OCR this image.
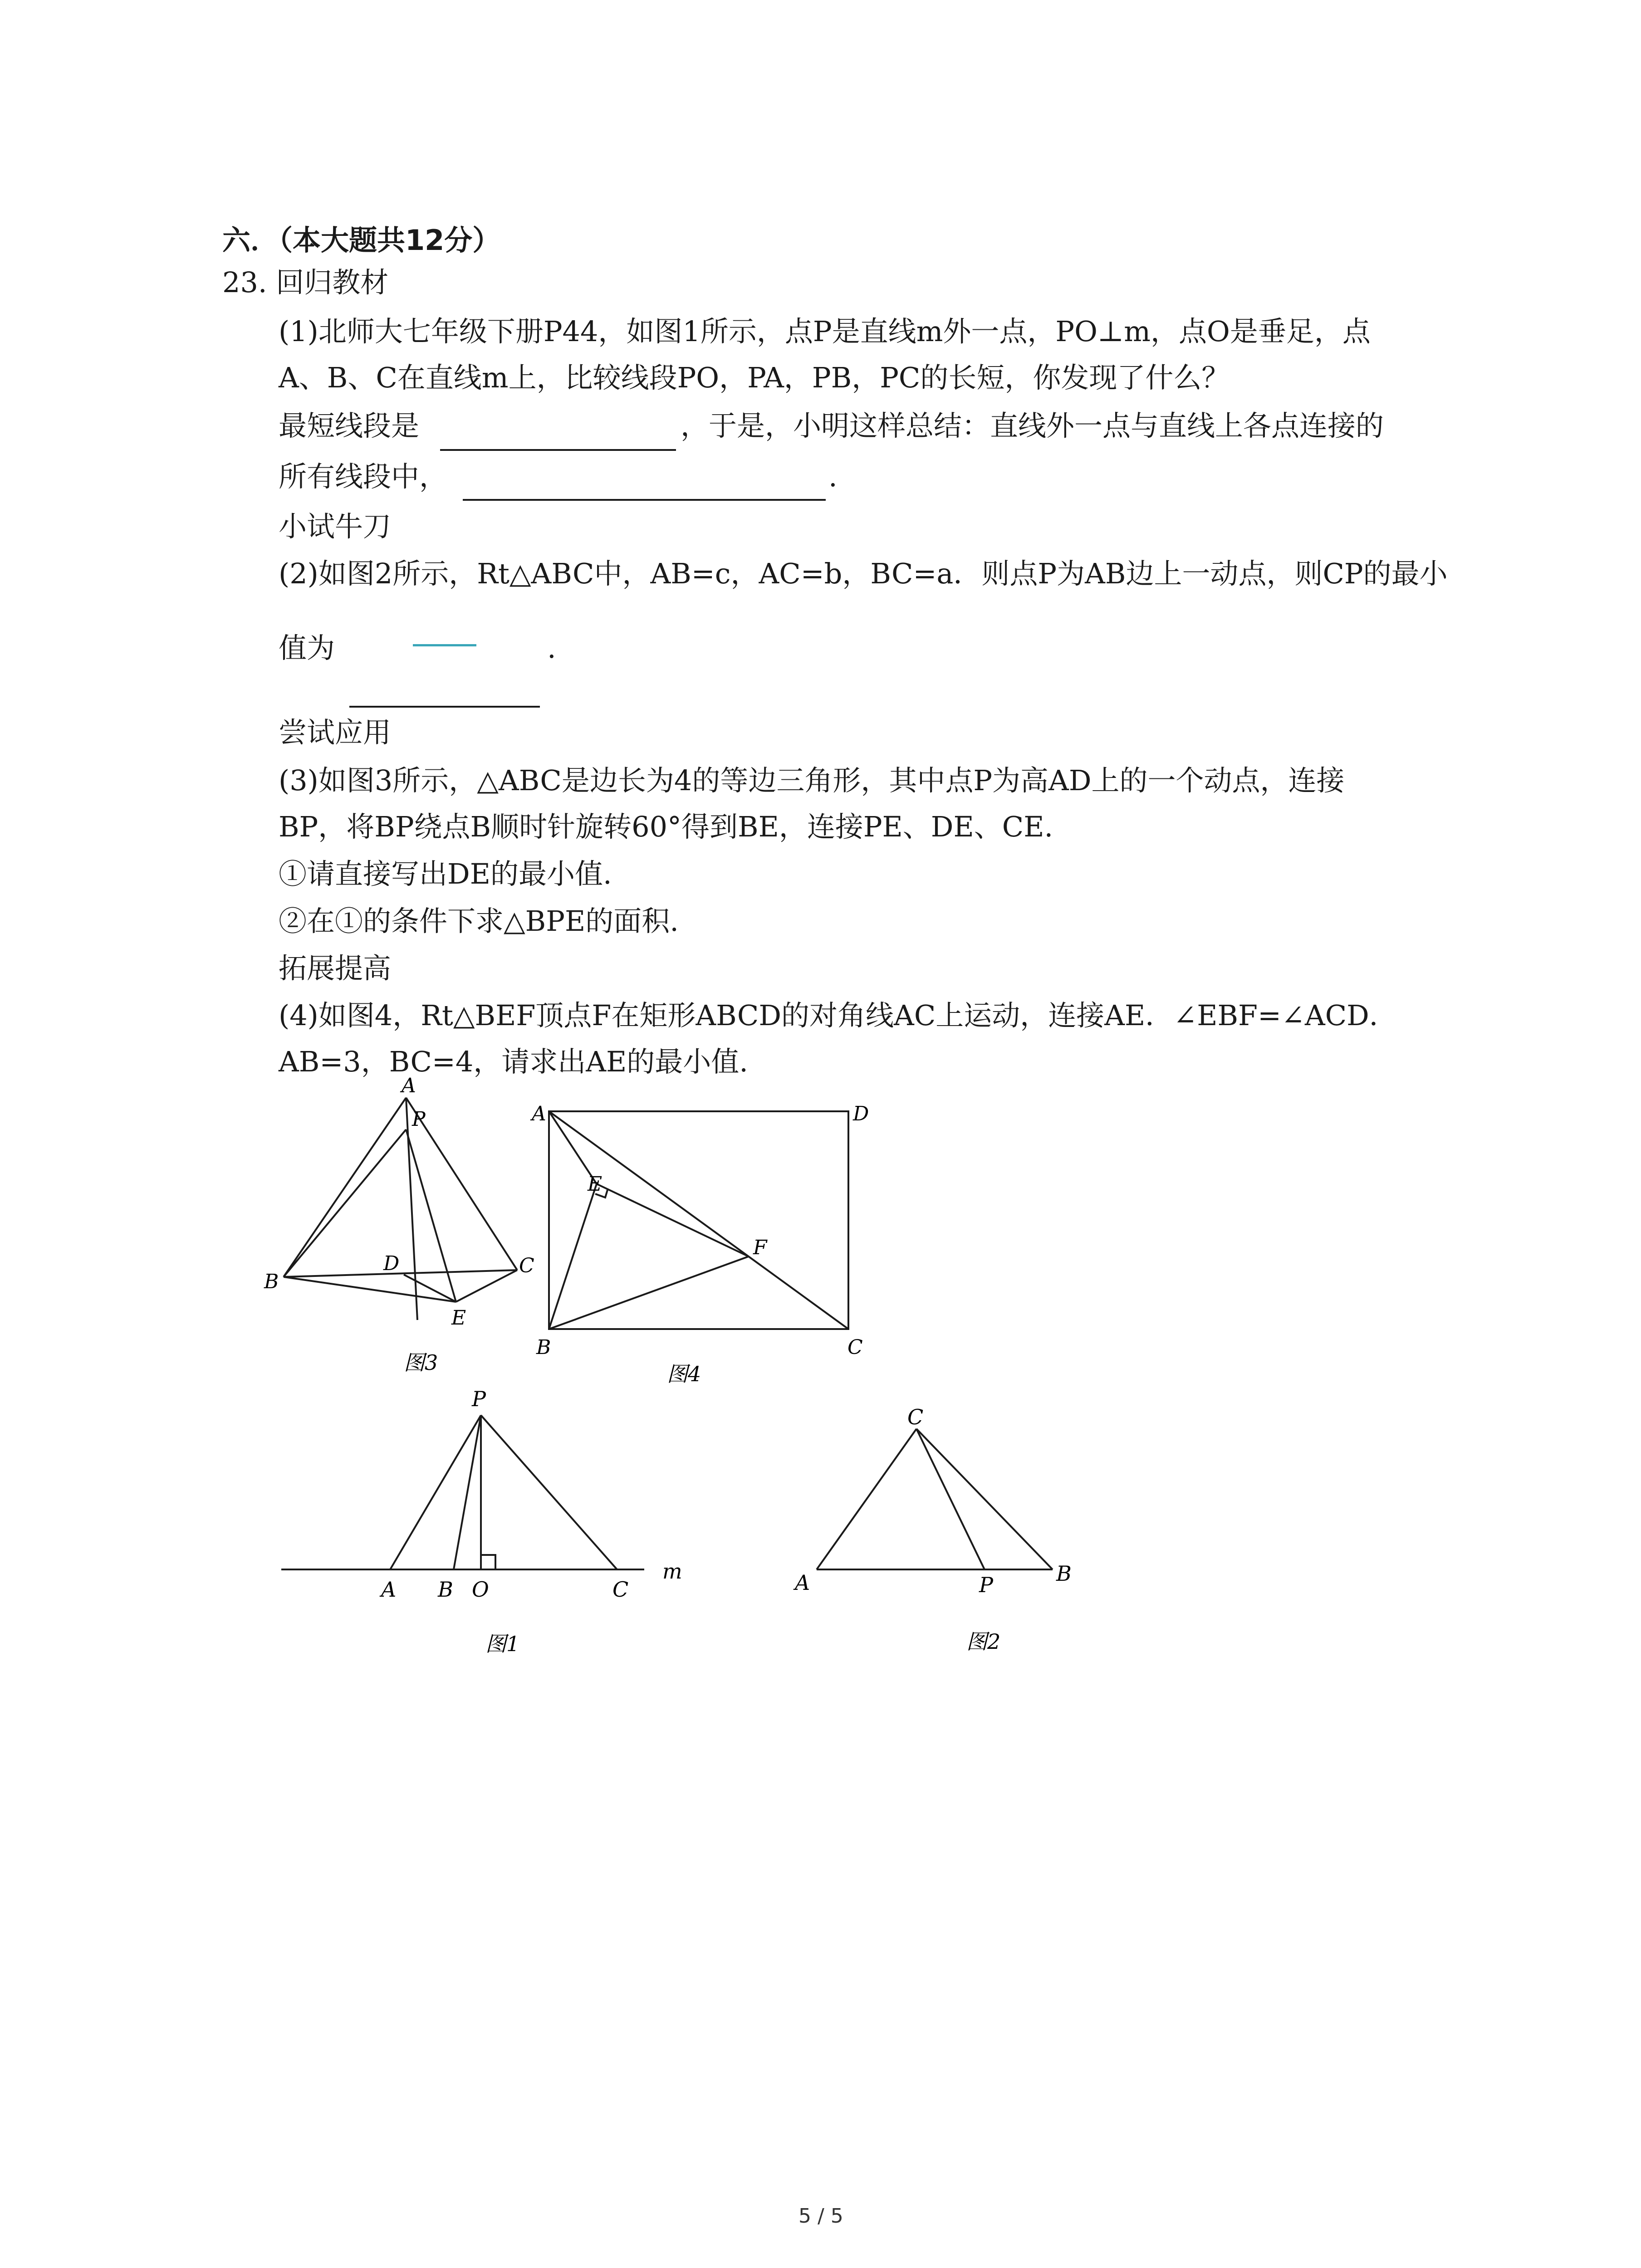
六．（本大题共12分）
23. 回归教材
(1)北师大七年级下册P44，如图1所示，点P是直线m外一点，PO⊥m，点O是垂足，点
A、B、C在直线m上，比较线段PO，PA，PB，PC的长短，你发现了什么？
最短线段是	，于是，小明这样总结：直线外一点与直线上各点连接的
所有线段中，	.
小试牛刀
(2)如图2所示，Rt△ABC中，AB=c，AC=b，BC=a．则点P为AB边上一动点，则CP的最小
值为	.
尝试应用
(3)如图3所示，△ABC是边长为4的等边三角形，其中点P为高AD上的一个动点，连接
BP，将BP绕点B顺时针旋转60°得到BE，连接PE、DE、CE.
①请直接写出DE的最小值.
②在①的条件下求△BPE的面积.
拓展提高
(4)如图4，Rt△BEF顶点F在矩形ABCD的对角线AC上运动，连接AE．∠EBF=∠ACD．
AB=3，BC=4，请求出AE的最小值.
A
P
B
D	C
E
图3
A	D
E
F
B	C
图4
P
A B O	C
m
图1
C
A	P	B
图2
5 / 5
